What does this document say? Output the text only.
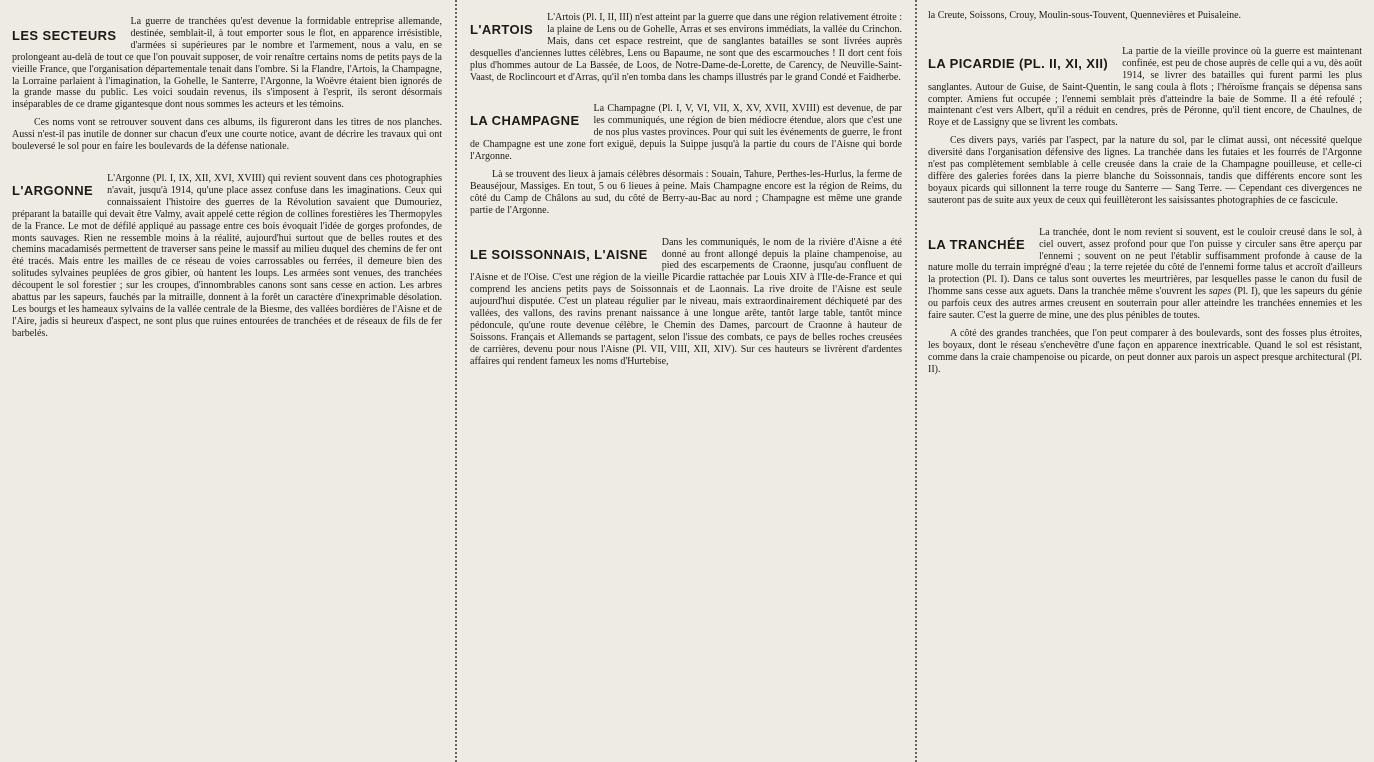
LES SECTEURS

La guerre de tranchées qu'est devenue la formidable entreprise allemande, destinée, semblait-il, à tout emporter sous le flot, en apparence irrésistible, d'armées si supérieures par le nombre et l'armement, nous a valu, en se prolongeant au-delà de tout ce que l'on pouvait supposer, de voir renaître certains noms de petits pays de la vieille France, que l'organisation départementale tenait dans l'ombre. Si la Flandre, l'Artois, la Champagne, la Lorraine parlaient à l'imagination, la Gohelle, le Santerre, l'Argonne, la Woëvre étaient bien ignorés de la grande masse du public. Les voici soudain revenus, ils s'imposent à l'esprit, ils seront désormais inséparables de ce drame gigantesque dont nous sommes les acteurs et les témoins.

Ces noms vont se retrouver souvent dans ces albums, ils figureront dans les titres de nos planches. Aussi n'est-il pas inutile de donner sur chacun d'eux une courte notice, avant de décrire les travaux qui ont bouleversé le sol pour en faire les boulevards de la défense nationale.

L'ARGONNE

L'Argonne (Pl. I, IX, XII, XVI, XVIII) qui revient souvent dans ces photographies n'avait, jusqu'à 1914, qu'une place assez confuse dans les imaginations. Ceux qui connaissaient l'histoire des guerres de la Révolution savaient que Dumouriez, préparant la bataille qui devait être Valmy, avait appelé cette région de collines forestières les Thermopyles de la France. Le mot de défilé appliqué au passage entre ces bois évoquait l'idée de gorges profondes, de monts sauvages. Rien ne ressemble moins à la réalité, aujourd'hui surtout que de belles routes et des chemins macadamisés permettent de traverser sans peine le massif au milieu duquel des chemins de fer ont été tracés. Mais entre les mailles de ce réseau de voies carrossables ou ferrées, il demeure bien des solitudes sylvaines peuplées de gros gibier, où hantent les loups. Les armées sont venues, des tranchées découpent le sol forestier ; sur les croupes, d'innombrables canons sont sans cesse en action. Les arbres abattus par les sapeurs, fauchés par la mitraille, donnent à la forêt un caractère d'inexprimable désolation. Les bourgs et les hameaux sylvains de la vallée centrale de la Biesme, des vallées bordières de l'Aisne et de l'Aire, jadis si heureux d'aspect, ne sont plus que ruines entourées de tranchées et de réseaux de fils de fer barbelés.

L'ARTOIS

L'Artois (Pl. I, II, III) n'est atteint par la guerre que dans une région relativement étroite : la plaine de Lens ou de Gohelle, Arras et ses environs immédiats, la vallée du Crinchon. Mais, dans cet espace restreint, que de sanglantes batailles se sont livrées auprès desquelles d'anciennes luttes célèbres, Lens ou Bapaume, ne sont que des escarmouches ! Il dort cent fois plus d'hommes autour de La Bassée, de Loos, de Notre-Dame-de-Lorette, de Carency, de Neuville-Saint-Vaast, de Roclincourt et d'Arras, qu'il n'en tomba dans les champs illustrés par le grand Condé et Faidherbe.

LA CHAMPAGNE

La Champagne (Pl. I, V, VI, VII, X, XV, XVII, XVIII) est devenue, de par les communiqués, une région de bien médiocre étendue, alors que c'est une de nos plus vastes provinces. Pour qui suit les événements de guerre, le front de Champagne est une zone fort exiguë, depuis la Suippe jusqu'à la partie du cours de l'Aisne qui borde l'Argonne.

Là se trouvent des lieux à jamais célèbres désormais : Souain, Tahure, Perthes-les-Hurlus, la ferme de Beauséjour, Massiges. En tout, 5 ou 6 lieues à peine. Mais Champagne encore est la région de Reims, du côté du Camp de Châlons au sud, du côté de Berry-au-Bac au nord ; Champagne est même une grande partie de l'Argonne.

LE SOISSONNAIS, L'AISNE

Dans les communiqués, le nom de la rivière d'Aisne a été donné au front allongé depuis la plaine champenoise, au pied des escarpements de Craonne, jusqu'au confluent de l'Aisne et de l'Oise. C'est une région de la vieille Picardie rattachée par Louis XIV à l'Ile-de-France et qui comprend les anciens petits pays de Soissonnais et de Laonnais. La rive droite de l'Aisne est seule aujourd'hui disputée. C'est un plateau régulier par le niveau, mais extraordinairement déchiqueté par des vallées, des vallons, des ravins prenant naissance à une longue arête, tantôt large table, tantôt mince pédoncule, qu'une route devenue célèbre, le Chemin des Dames, parcourt de Craonne à hauteur de Soissons. Français et Allemands se partagent, selon l'issue des combats, ce pays de belles roches creusées de carrières, devenu pour nous l'Aisne (Pl. VII, VIII, XII, XIV). Sur ces hauteurs se livrèrent d'ardentes affaires qui rendent fameux les noms d'Hurtebise,

la Creute, Soissons, Crouy, Moulin-sous-Touvent, Quennevières et Puisaleine.

LA PICARDIE (PL. II, XI, XII)

La partie de la vieille province où la guerre est maintenant confinée, est peu de chose auprès de celle qui a vu, dès août 1914, se livrer des batailles qui furent parmi les plus sanglantes. Autour de Guise, de Saint-Quentin, le sang coula à flots ; l'héroïsme français se dépensa sans compter. Amiens fut occupée ; l'ennemi semblait près d'atteindre la baie de Somme. Il a été refoulé ; maintenant c'est vers Albert, qu'il a réduit en cendres, près de Péronne, qu'il tient encore, de Chaulnes, de Roye et de Lassigny que se livrent les combats.

Ces divers pays, variés par l'aspect, par la nature du sol, par le climat aussi, ont nécessité quelque diversité dans l'organisation défensive des lignes. La tranchée dans les futaies et les fourrés de l'Argonne n'est pas complètement semblable à celle creusée dans la craie de la Champagne pouilleuse, et celle-ci diffère des galeries forées dans la pierre blanche du Soissonnais, tandis que différents encore sont les boyaux picards qui sillonnent la terre rouge du Santerre — Sang Terre. — Cependant ces divergences ne sauteront pas de suite aux yeux de ceux qui feuillèteront les saisissantes photographies de ce fascicule.

LA TRANCHÉE

La tranchée, dont le nom revient si souvent, est le couloir creusé dans le sol, à ciel ouvert, assez profond pour que l'on puisse y circuler sans être aperçu par l'ennemi ; souvent on ne peut l'établir suffisamment profonde à cause de la nature molle du terrain imprégné d'eau ; la terre rejetée du côté de l'ennemi forme talus et accroît d'ailleurs la protection (Pl. I). Dans ce talus sont ouvertes les meurtrières, par lesquelles passe le canon du fusil de l'homme sans cesse aux aguets. Dans la tranchée même s'ouvrent les sapes (Pl. I), que les sapeurs du génie ou parfois ceux des autres armes creusent en souterrain pour aller atteindre les tranchées ennemies et les faire sauter. C'est la guerre de mine, une des plus pénibles de toutes.

A côté des grandes tranchées, que l'on peut comparer à des boulevards, sont des fosses plus étroites, les boyaux, dont le réseau s'enchevêtre d'une façon en apparence inextricable. Quand le sol est résistant, comme dans la craie champenoise ou picarde, on peut donner aux parois un aspect presque architectural (Pl. II).
